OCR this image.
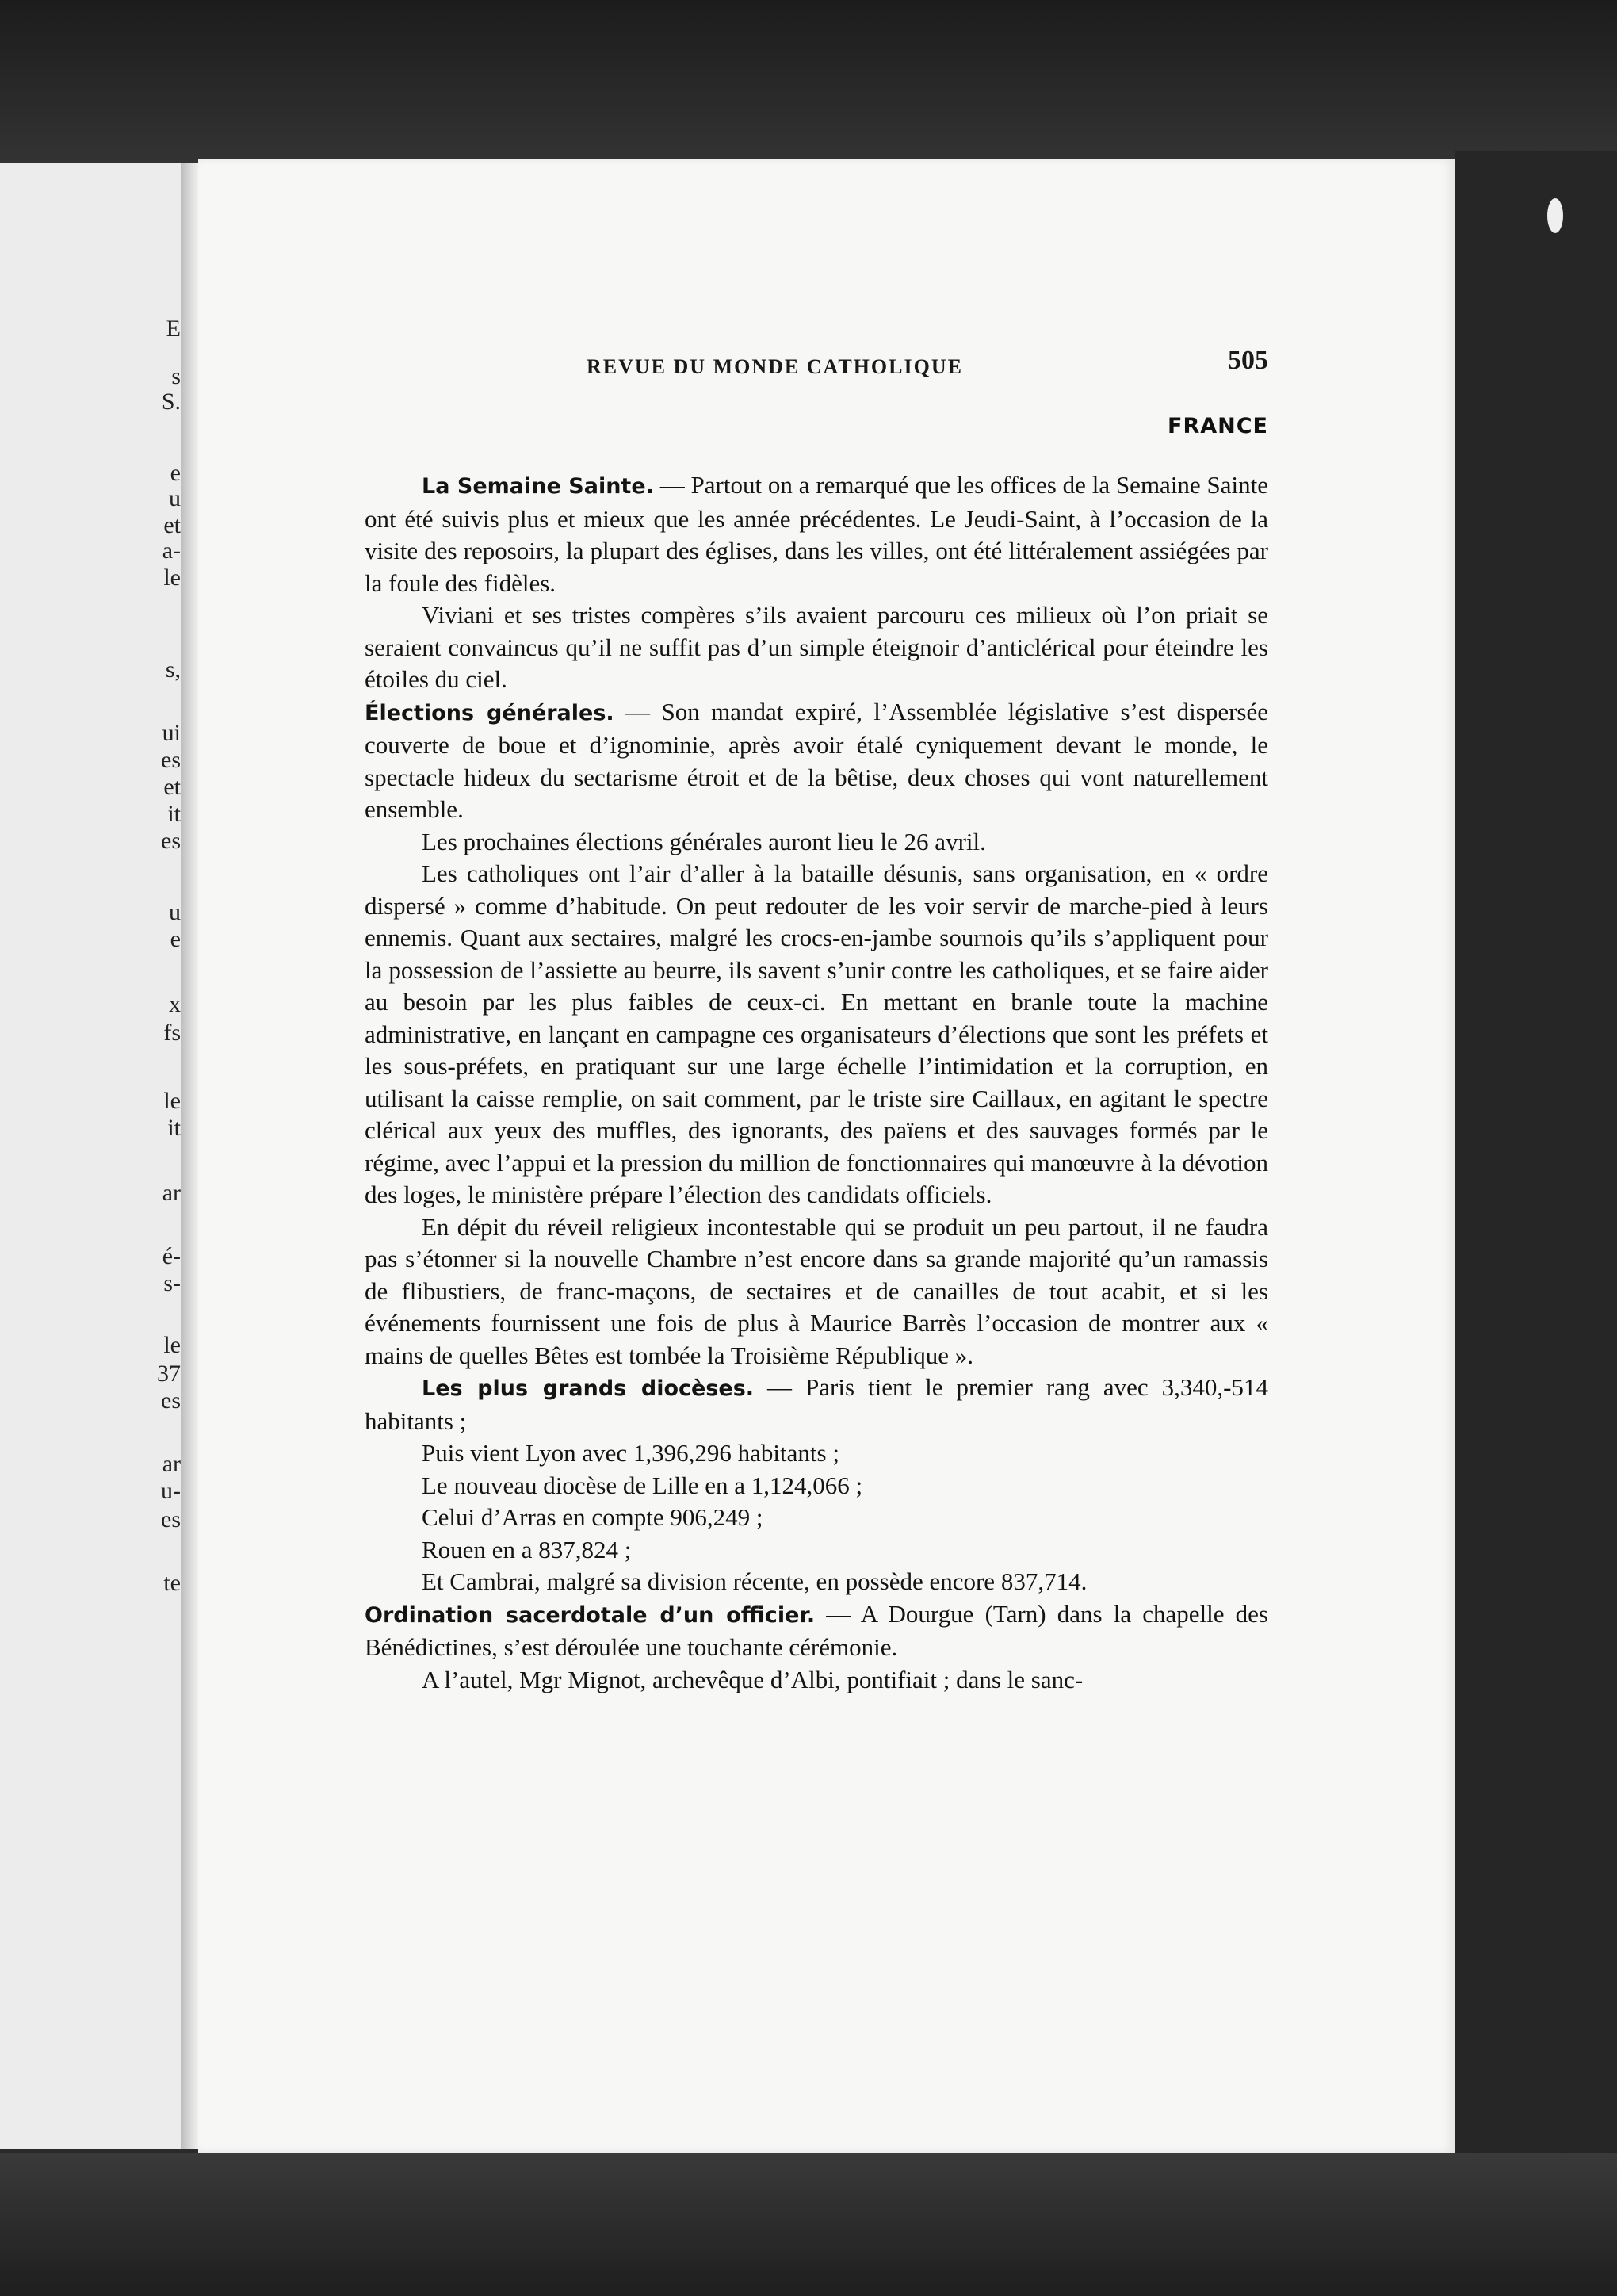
E
s
S.
e
u
et
a-
le
s,
ui
es
et
it
es
u
e
x
fs
le
it
ar
é-
s-
le
37
es
ar
u-
es
te
REVUE DU MONDE CATHOLIQUE	505
FRANCE

La Semaine Sainte. — Partout on a remarqué que les offices de la Semaine Sainte ont été suivis plus et mieux que les année précédentes. Le Jeudi-Saint, à l’occasion de la visite des reposoirs, la plupart des églises, dans les villes, ont été littéralement assiégées par la foule des fidèles.

Viviani et ses tristes compères s’ils avaient parcouru ces milieux où l’on priait se seraient convaincus qu’il ne suffit pas d’un simple éteignoir d’anticlérical pour éteindre les étoiles du ciel.

Élections générales. — Son mandat expiré, l’Assemblée législative s’est dispersée couverte de boue et d’ignominie, après avoir étalé cyniquement devant le monde, le spectacle hideux du sectarisme étroit et de la bêtise, deux choses qui vont naturellement ensemble.

Les prochaines élections générales auront lieu le 26 avril.

Les catholiques ont l’air d’aller à la bataille désunis, sans organisation, en « ordre dispersé » comme d’habitude. On peut redouter de les voir servir de marche-pied à leurs ennemis. Quant aux sectaires, malgré les crocs-en-jambe sournois qu’ils s’appliquent pour la possession de l’assiette au beurre, ils savent s’unir contre les catholiques, et se faire aider au besoin par les plus faibles de ceux-ci. En mettant en branle toute la machine administrative, en lançant en campagne ces organisateurs d’élections que sont les préfets et les sous-préfets, en pratiquant sur une large échelle l’intimidation et la corruption, en utilisant la caisse remplie, on sait comment, par le triste sire Caillaux, en agitant le spectre clérical aux yeux des muffles, des ignorants, des païens et des sauvages formés par le régime, avec l’appui et la pression du million de fonctionnaires qui manœuvre à la dévotion des loges, le ministère prépare l’élection des candidats officiels.

En dépit du réveil religieux incontestable qui se produit un peu partout, il ne faudra pas s’étonner si la nouvelle Chambre n’est encore dans sa grande majorité qu’un ramassis de flibustiers, de franc-maçons, de sectaires et de canailles de tout acabit, et si les événements fournissent une fois de plus à Maurice Barrès l’occasion de montrer aux « mains de quelles Bêtes est tombée la Troisième République ».

Les plus grands diocèses. — Paris tient le premier rang avec 3,340,-514 habitants ;

Puis vient Lyon avec 1,396,296 habitants ;

Le nouveau diocèse de Lille en a 1,124,066 ;

Celui d’Arras en compte 906,249 ;

Rouen en a 837,824 ;

Et Cambrai, malgré sa division récente, en possède encore 837,714.

Ordination sacerdotale d’un officier. — A Dourgue (Tarn) dans la chapelle des Bénédictines, s’est déroulée une touchante cérémonie.

A l’autel, Mgr Mignot, archevêque d’Albi, pontifiait ; dans le sanc-
